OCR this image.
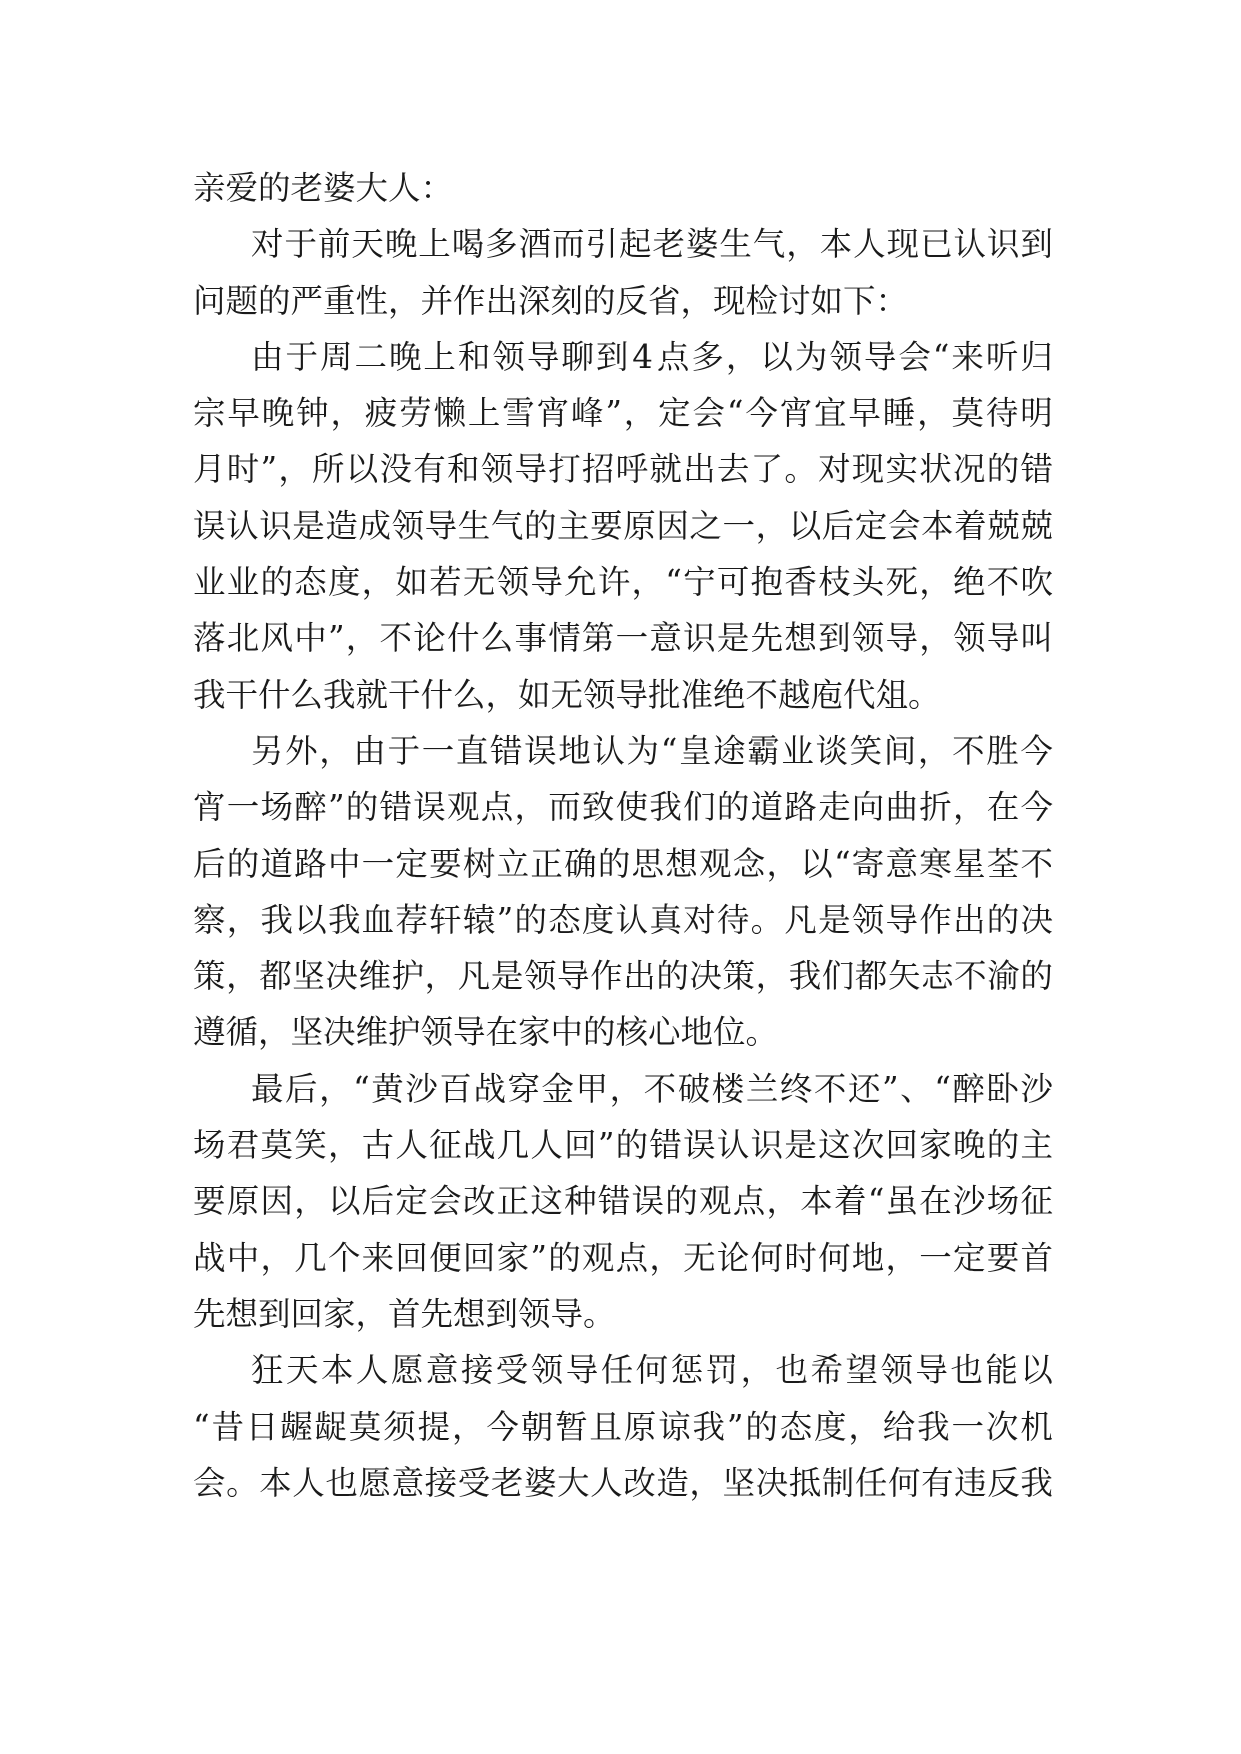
亲爱的老婆大人：
对 于 前 天 晚 上 喝 多 酒 而 引 起 老 婆 生 气 ， 本 人 现 已 认 识 到
问题的严重性，并作出深刻的反省，现检讨如下：
由 于 周 二 晚 上 和 领 导 聊 到 4 点 多 ， 以 为 领 导 会 “ 来 听 归
宗 早 晚 钟 ， 疲 劳 懒 上 雪 宵 峰 ” ， 定 会 “ 今 宵 宜 早 睡 ， 莫 待 明
月 时 ” ， 所 以 没 有 和 领 导 打 招 呼 就 出 去 了 。 对 现 实 状 况 的 错
误 认 识 是 造 成 领 导 生 气 的 主 要 原 因 之 一 ， 以 后 定 会 本 着 兢 兢
业 业 的 态 度 ， 如 若 无 领 导 允 许 ， “ 宁 可 抱 香 枝 头 死 ， 绝 不 吹
落 北 风 中 ” ， 不 论 什 么 事 情 第 一 意 识 是 先 想 到 领 导 ， 领 导 叫
我干什么我就干什么，如无领导批准绝不越庖代俎。
另 外 ， 由 于 一 直 错 误 地 认 为 “ 皇 途 霸 业 谈 笑 间 ， 不 胜 今
宵 一 场 醉 ” 的 错 误 观 点 ， 而 致 使 我 们 的 道 路 走 向 曲 折 ， 在 今
后 的 道 路 中 一 定 要 树 立 正 确 的 思 想 观 念 ， 以 “ 寄 意 寒 星 荃 不
察 ， 我 以 我 血 荐 轩 辕 ” 的 态 度 认 真 对 待 。 凡 是 领 导 作 出 的 决
策 ， 都 坚 决 维 护 ， 凡 是 领 导 作 出 的 决 策 ， 我 们 都 矢 志 不 渝 的
遵循，坚决维护领导在家中的核心地位。
最 后 ， “ 黄 沙 百 战 穿 金 甲 ， 不 破 楼 兰 终 不 还 ” 、 “ 醉 卧 沙
场 君 莫 笑 ， 古 人 征 战 几 人 回 ” 的 错 误 认 识 是 这 次 回 家 晚 的 主
要 原 因 ， 以 后 定 会 改 正 这 种 错 误 的 观 点 ， 本 着 “ 虽 在 沙 场 征
战 中 ， 几 个 来 回 便 回 家 ” 的 观 点 ， 无 论 何 时 何 地 ， 一 定 要 首
先想到回家，首先想到领导。
狂 天 本 人 愿 意 接 受 领 导 任 何 惩 罚 ， 也 希 望 领 导 也 能 以
“ 昔 日 龌 龊 莫 须 提 ， 今 朝 暂 且 原 谅 我 ” 的 态 度 ， 给 我 一 次 机
会 。 本 人 也 愿 意 接 受 老 婆 大 人 改 造 ， 坚 决 抵 制 任 何 有 违 反 我
